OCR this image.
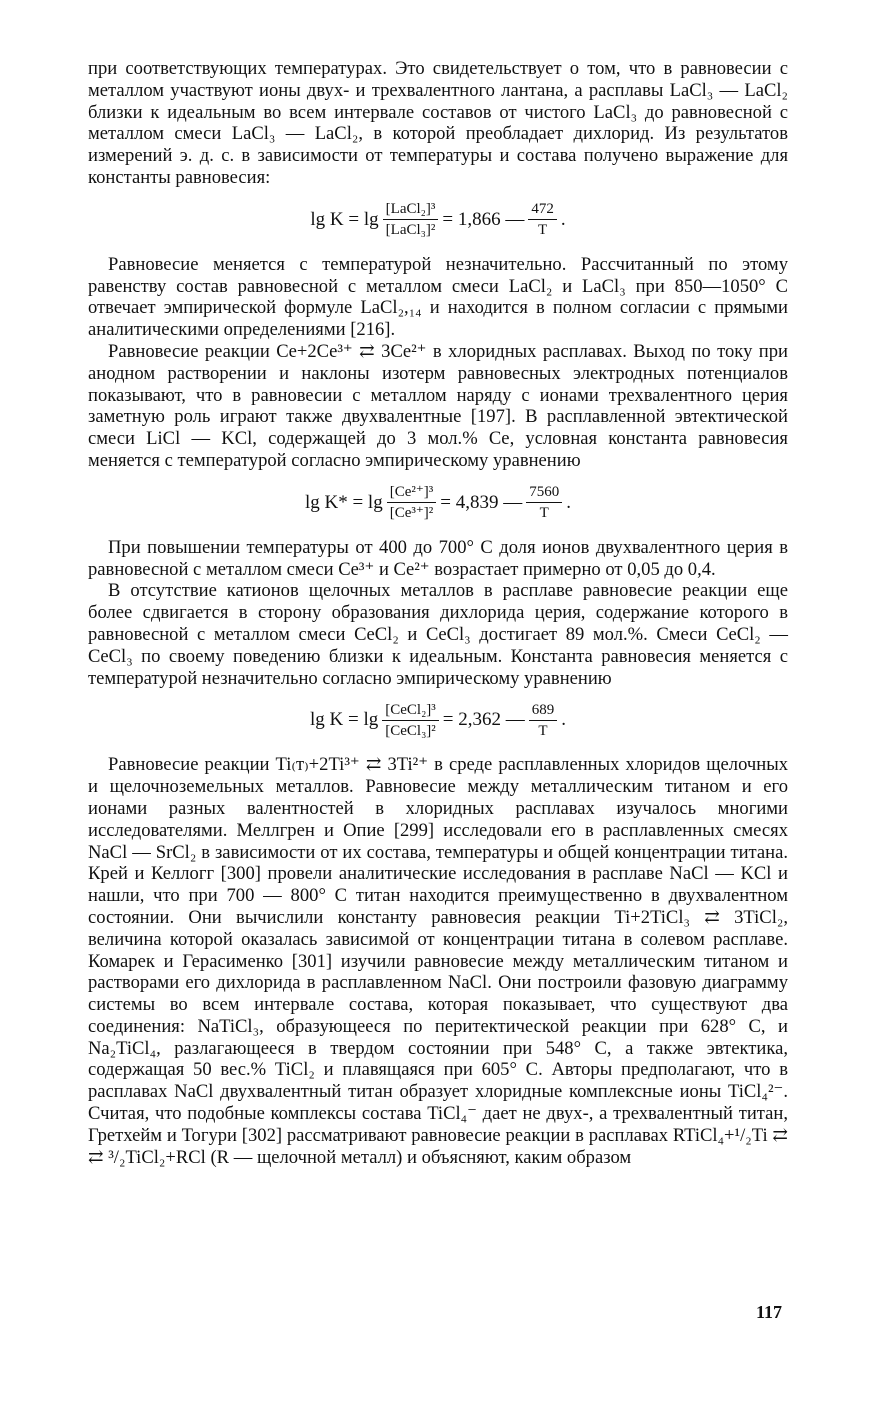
при соответствующих температурах. Это свидетельствует о том, что в равновесии с металлом участвуют ионы двух- и трехвалентного лантана, а расплавы LaCl₃ — LaCl₂ близки к идеальным во всем интервале составов от чистого LaCl₃ до равновесной с металлом смеси LaCl₃ — LaCl₂, в которой преобладает дихлорид. Из результатов измерений э. д. с. в зависимости от температуры и состава получено выражение для константы равновесия:

$\lg K = \lg \frac{\text{[LaCl₂]³}}{\text{[LaCl₃]²}} = 1,866$ — $\frac{472}{T}$ .

Равновесие меняется с температурой незначительно. Рассчитанный по этому равенству состав равновесной с металлом смеси LaCl₂ и LaCl₃ при 850—1050° С отвечает эмпирической формуле LaCl₂,₁₄ и находится в полном согласии с прямыми аналитическими определениями [216].

Равновесие реакции Ce+2Ce³⁺ ⇄ 3Ce²⁺ в хлоридных расплавах. Выход по току при анодном растворении и наклоны изотерм равновесных электродных потенциалов показывают, что в равновесии с металлом наряду с ионами трехвалентного церия заметную роль играют также двухвалентные [197]. В расплавленной эвтектической смеси LiCl — KCl, содержащей до 3 мол.% Ce, условная константа равновесия меняется с температурой согласно эмпирическому уравнению

$\lg K* = \lg \frac{\text{[Ce²⁺]³}}{\text{[Ce³⁺]²}} = 4,839$ — $\frac{7560}{T}$ .

При повышении температуры от 400 до 700° С доля ионов двухвалентного церия в равновесной с металлом смеси Ce³⁺ и Ce²⁺ возрастает примерно от 0,05 до 0,4.

В отсутствие катионов щелочных металлов в расплаве равновесие реакции еще более сдвигается в сторону образования дихлорида церия, содержание которого в равновесной с металлом смеси CeCl₂ и CeCl₃ достигает 89 мол.%. Смеси CeCl₂ — CeCl₃ по своему поведению близки к идеальным. Константа равновесия меняется с температурой незначительно согласно эмпирическому уравнению

$\lg K = \lg \frac{\text{[CeCl₂]³}}{\text{[CeCl₃]²}} = 2,362$ — $\frac{689}{T}$ .

Равновесие реакции Ti₍т₎+2Ti³⁺ ⇄ 3Ti²⁺ в среде расплавленных хлоридов щелочных и щелочноземельных металлов. Равновесие между металлическим титаном и его ионами разных валентностей в хлоридных расплавах изучалось многими исследователями. Меллгрен и Опие [299] исследовали его в расплавленных смесях NaCl — SrCl₂ в зависимости от их состава, температуры и общей концентрации титана. Крей и Келлогг [300] провели аналитические исследования в расплаве NaCl — KCl и нашли, что при 700 — 800° С титан находится преимущественно в двухвалентном состоянии. Они вычислили константу равновесия реакции Ti+2TiCl₃ ⇄ 3TiCl₂, величина которой оказалась зависимой от концентрации титана в солевом расплаве. Комарек и Герасименко [301] изучили равновесие между металлическим титаном и растворами его дихлорида в расплавленном NaCl. Они построили фазовую диаграмму системы во всем интервале состава, которая показывает, что существуют два соединения: NaTiCl₃, образующееся по перитектической реакции при 628° С, и Na₂TiCl₄, разлагающееся в твердом состоянии при 548° С, а также эвтектика, содержащая 50 вес.% TiCl₂ и плавящаяся при 605° С. Авторы предполагают, что в расплавах NaCl двухвалентный титан образует хлоридные комплексные ионы TiCl₄²⁻. Считая, что подобные комплексы состава TiCl₄⁻ дает не двух-, а трехвалентный титан, Гретхейм и Тогури [302] рассматривают равновесие реакции в расплавах RTiCl₄+¹/₂Ti ⇄ ⇄ ³/₂TiCl₂+RCl (R — щелочной металл) и объясняют, каким образом

117
